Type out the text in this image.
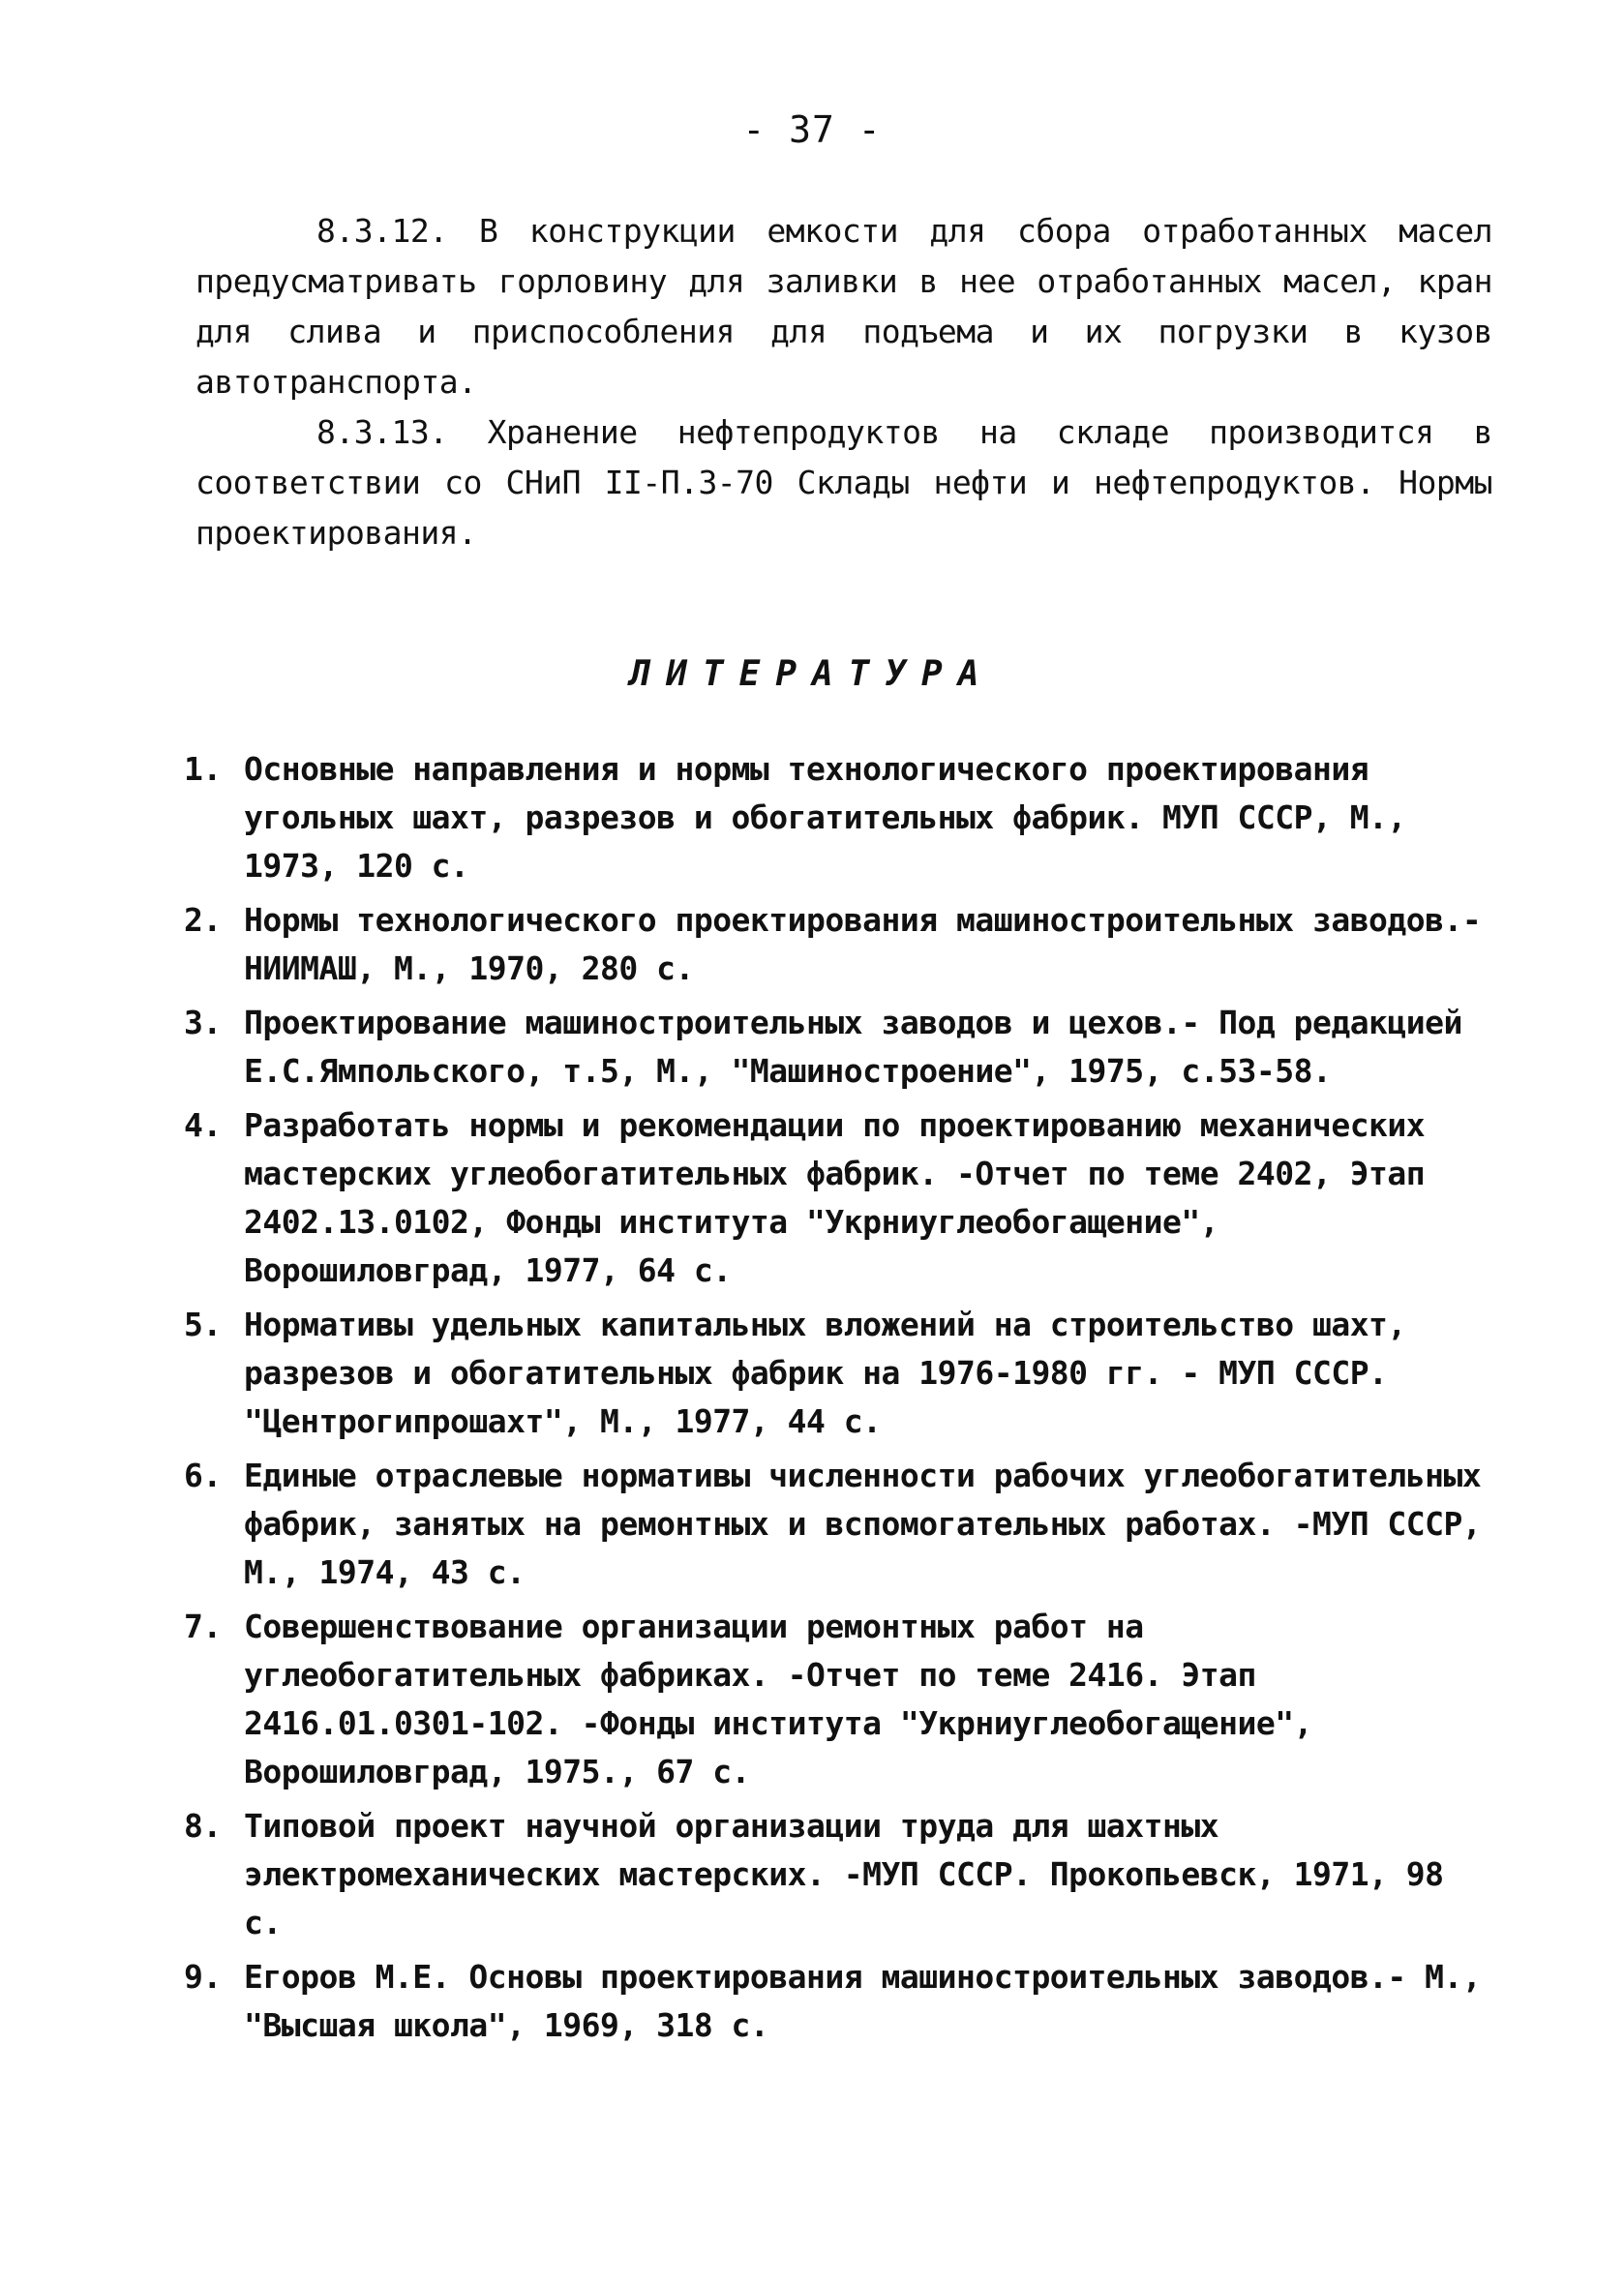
- 37 -

8.3.12. В конструкции емкости для сбора отработанных масел предусматривать горловину для заливки в нее отработанных масел, кран для слива и приспособления для подъема и их погрузки в кузов автотранспорта.

8.3.13. Хранение нефтепродуктов на складе производится в соответствии со СНиП II-П.3-70 Склады нефти и нефтепродуктов. Нормы проектирования.

ЛИТЕРАТУРА
1. Основные направления и нормы технологического проектирования угольных шахт, разрезов и обогатительных фабрик. МУП СССР, М., 1973, 120 с.
2. Нормы технологического проектирования машиностроительных заводов.-НИИМАШ, М., 1970, 280 с.
3. Проектирование машиностроительных заводов и цехов.- Под редакцией Е.С.Ямпольского, т.5, М., "Машиностроение", 1975, с.53-58.
4. Разработать нормы и рекомендации по проектированию механических мастерских углеобогатительных фабрик. -Отчет по теме 2402, Этап 2402.13.0102, Фонды института "Укрниуглеобогащение", Ворошиловград, 1977, 64 с.
5. Нормативы удельных капитальных вложений на строительство шахт, разрезов и обогатительных фабрик на 1976-1980 гг. - МУП СССР. "Центрогипрошахт", М., 1977, 44 с.
6. Единые отраслевые нормативы численности рабочих углеобогатительных фабрик, занятых на ремонтных и вспомогательных работах. -МУП СССР, М., 1974, 43 с.
7. Совершенствование организации ремонтных работ на углеобогатительных фабриках. -Отчет по теме 2416. Этап 2416.01.0301-102. -Фонды института "Укрниуглеобогащение", Ворошиловград, 1975., 67 с.
8. Типовой проект научной организации труда для шахтных электромеханических мастерских. -МУП СССР. Прокопьевск, 1971, 98 с.
9. Егоров М.Е. Основы проектирования машиностроительных заводов.- М., "Высшая школа", 1969, 318 с.
